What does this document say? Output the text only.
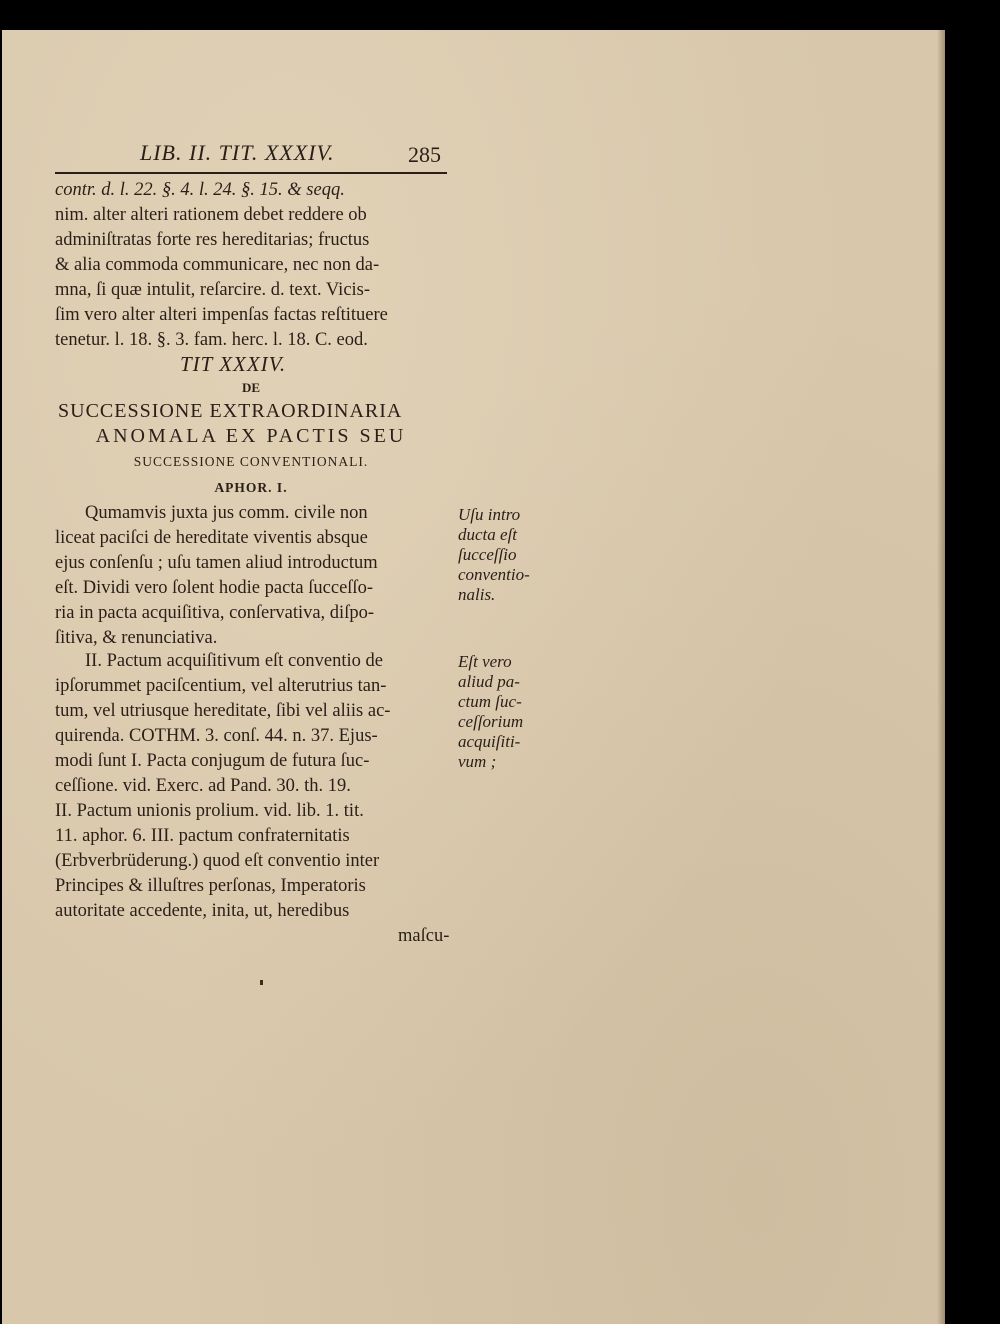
LIB. II. TIT. XXXIV.	285
contr. d. l. 22. §. 4. l. 24. §. 15. & seqq.
nim. alter alteri rationem debet reddere ob
adminiſtratas forte res hereditarias; fructus
& alia commoda communicare, nec non da-
mna, ſi quæ intulit, reſarcire. d. text. Vicis-
ſim vero alter alteri impenſas factas reſtituere
tenetur. l. 18. §. 3. fam. herc. l. 18. C. eod.
TIT XXXIV.
DE
SUCCESSIONE EXTRAORDINARIA
ANOMALA EX PACTIS SEU
SUCCESSIONE CONVENTIONALI.
APHOR. I.
Qumamvis juxta jus comm. civile non
liceat paciſci de hereditate viventis absque
ejus conſenſu ; uſu tamen aliud introductum
eſt. Dividi vero ſolent hodie pacta ſucceſſo-
ria in pacta acquiſitiva, conſervativa, diſpo-
ſitiva, & renunciativa.
Uſu intro
ducta eſt
ſucceſſio
conventio-
nalis.
II. Pactum acquiſitivum eſt conventio de
ipſorummet paciſcentium, vel alterutrius tan-
tum, vel utriusque hereditate, ſibi vel aliis ac-
quirenda. COTHM. 3. conſ. 44. n. 37. Ejus-
modi ſunt I. Pacta conjugum de futura ſuc-
ceſſione. vid. Exerc. ad Pand. 30. th. 19.
II. Pactum unionis prolium. vid. lib. 1. tit.
11. aphor. 6. III. pactum confraternitatis
(Erbverbrüderung.) quod eſt conventio inter
Principes & illuſtres perſonas, Imperatoris
autoritate accedente, inita, ut, heredibus
maſcu-
Eſt vero
aliud pa-
ctum ſuc-
ceſſorium
acquiſiti-
vum ;
